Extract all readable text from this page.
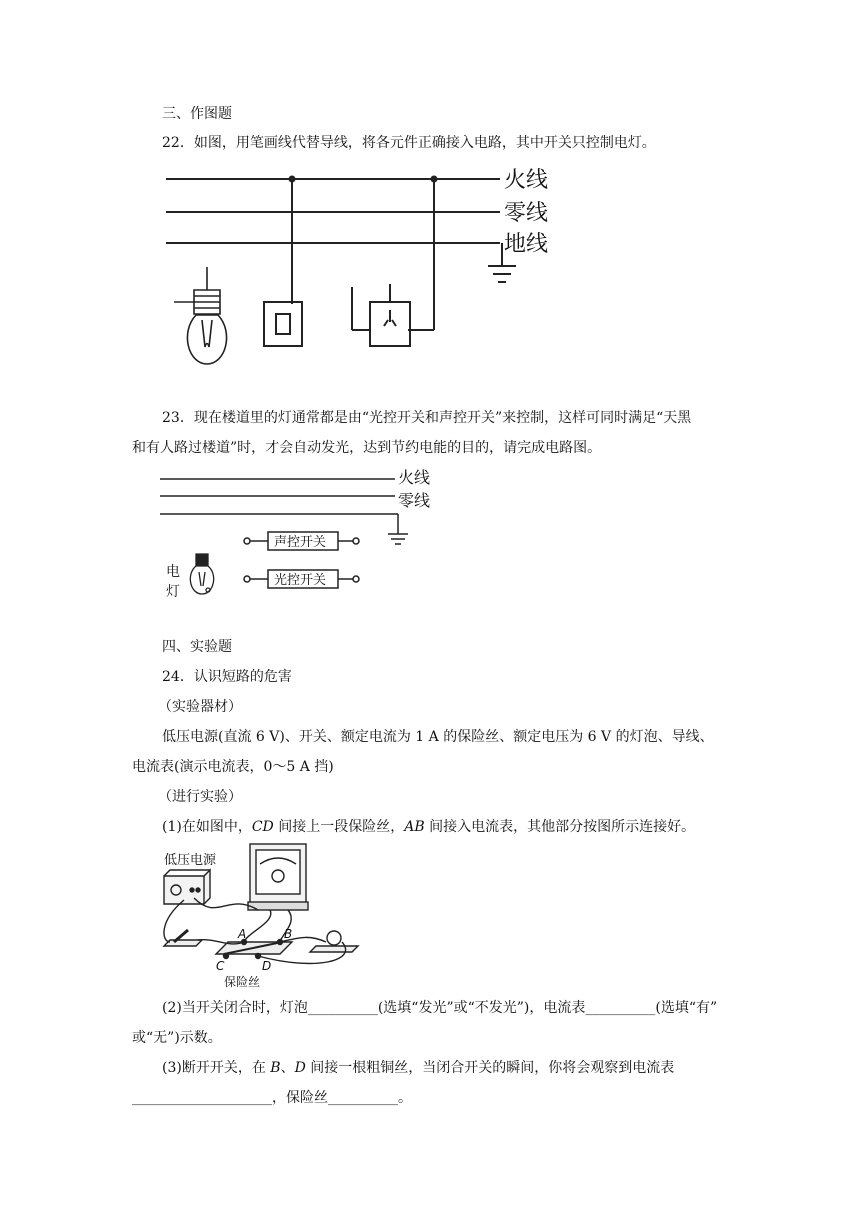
三、作图题
22．如图，用笔画线代替导线，将各元件正确接入电路，其中开关只控制电灯。
火线
零线
地线
23．现在楼道里的灯通常都是由“光控开关和声控开关”来控制，这样可同时满足“天黑
和有人路过楼道”时，才会自动发光，达到节约电能的目的，请完成电路图。
电
灯
声控开关
光控开关
火线
零线
四、实验题
24．认识短路的危害
（实验器材）
低压电源(直流 6 V)、开关、额定电流为 1 A 的保险丝、额定电压为 6 V 的灯泡、导线、
电流表(演示电流表，0～5 A 挡)
（进行实验）
(1)在如图中，CD 间接上一段保险丝，AB 间接入电流表，其他部分按图所示连接好。
低压电源
A	B
C	D
保险丝
(2)当开关闭合时，灯泡__________(选填“发光”或“不发光”)，电流表__________(选填“有”
或“无”)示数。
(3)断开开关，在 B、D 间接一根粗铜丝，当闭合开关的瞬间，你将会观察到电流表
____________________，保险丝__________。
